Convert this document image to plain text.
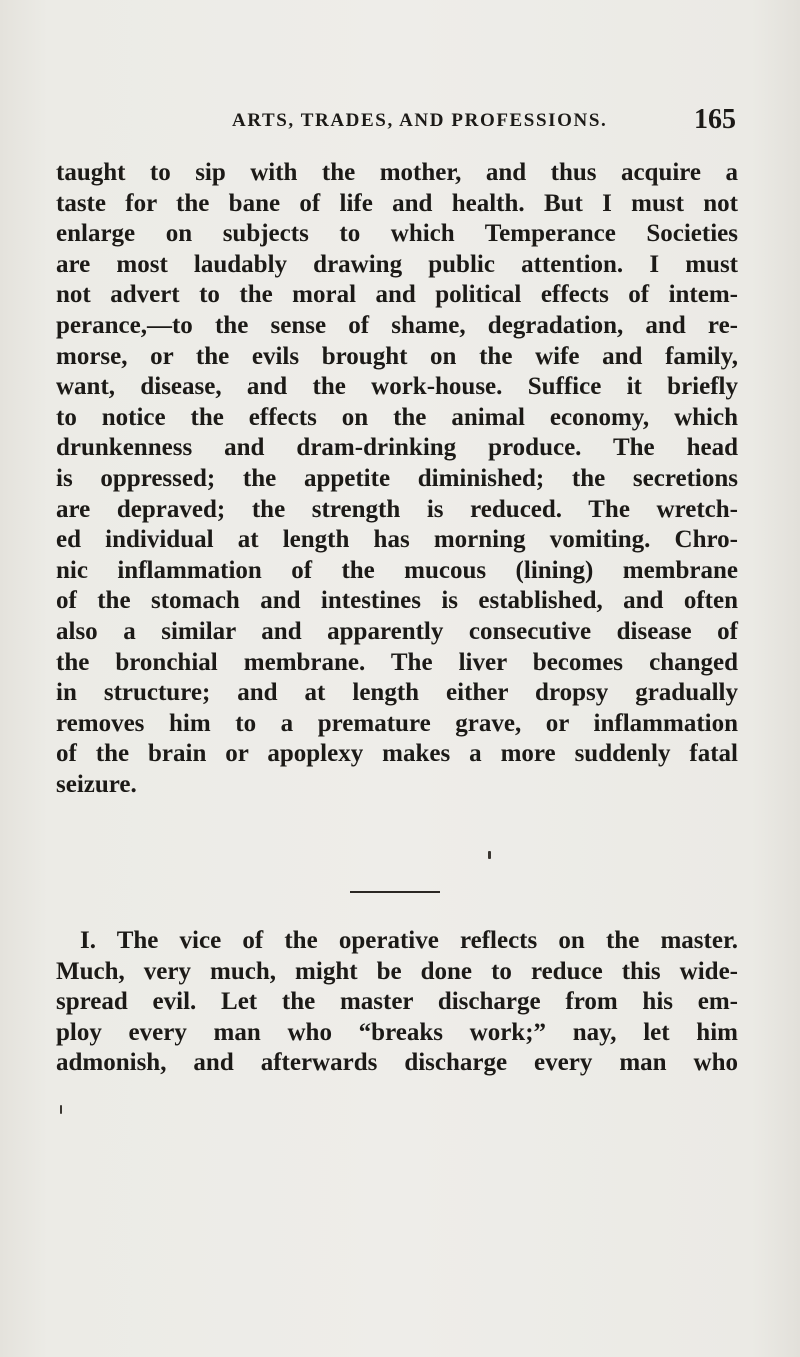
ARTS, TRADES, AND PROFESSIONS.	165

taught to sip with the mother, and thus acquire a
taste for the bane of life and health. But I must not
enlarge on subjects to which Temperance Societies
are most laudably drawing public attention. I must
not advert to the moral and political effects of intem-
perance,—to the sense of shame, degradation, and re-
morse, or the evils brought on the wife and family,
want, disease, and the work-house. Suffice it briefly
to notice the effects on the animal economy, which
drunkenness and dram-drinking produce. The head
is oppressed; the appetite diminished; the secretions
are depraved; the strength is reduced. The wretch-
ed individual at length has morning vomiting. Chro-
nic inflammation of the mucous (lining) membrane
of the stomach and intestines is established, and often
also a similar and apparently consecutive disease of
the bronchial membrane. The liver becomes changed
in structure; and at length either dropsy gradually
removes him to a premature grave, or inflammation
of the brain or apoplexy makes a more suddenly fatal
seizure.

I. The vice of the operative reflects on the master.
Much, very much, might be done to reduce this wide-
spread evil. Let the master discharge from his em-
ploy every man who “breaks work;” nay, let him
admonish, and afterwards discharge every man who
